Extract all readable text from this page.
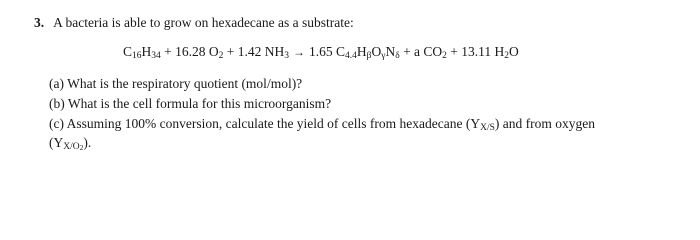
3. A bacteria is able to grow on hexadecane as a substrate:
$C_{16}H_{34} + 16.28$ $O_2 + 1.42$ $NH_3 \to 1.65$ $C_{4.4}H_\beta O_\gamma N_\delta + a$ $CO_2 + 13.11$ $H_2O$
(a) What is the respiratory quotient (mol/mol)?
(b) What is the cell formula for this microorganism?
(c) Assuming 100% conversion, calculate the yield of cells from hexadecane $(Y_{X/S})$ and from oxygen
$(Y_{X/O_2})$.
